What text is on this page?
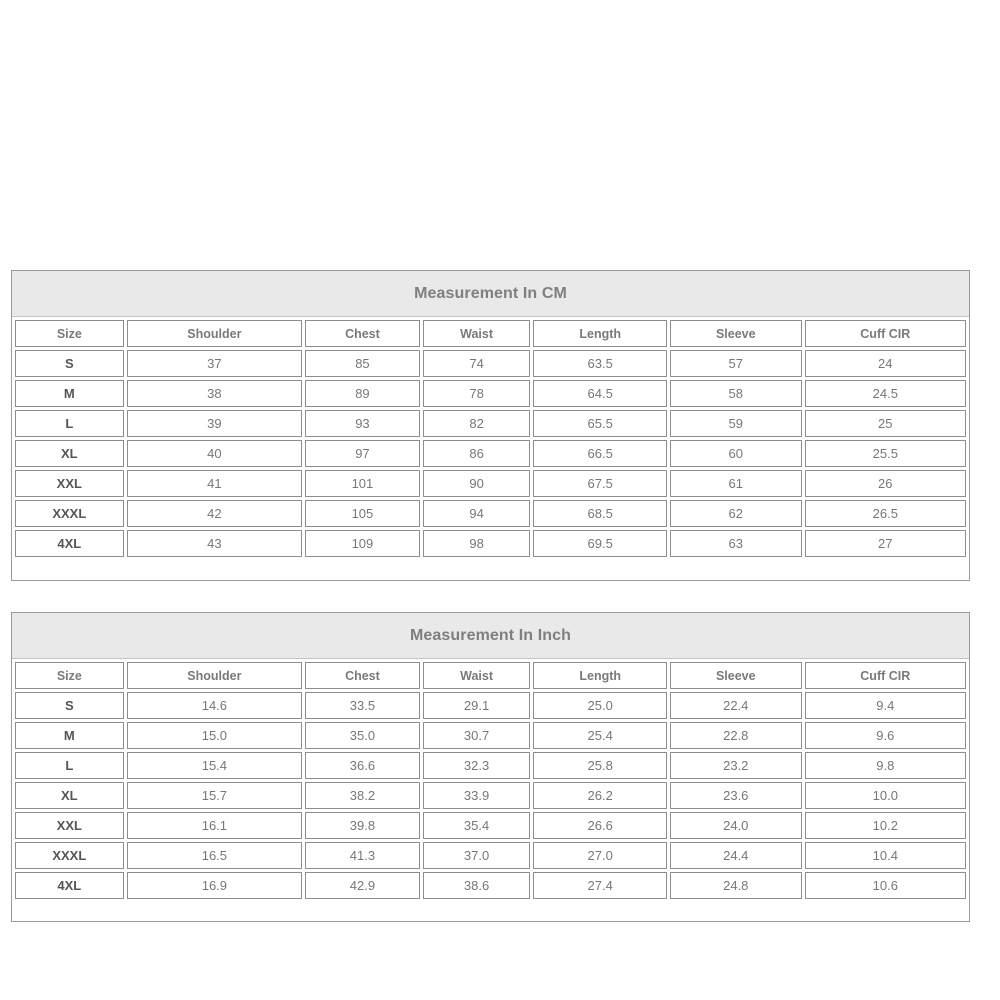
Measurement In CM
Size	Shoulder	Chest	Waist	Length	Sleeve	Cuff CIR
S	37	85	74	63.5	57	24
M	38	89	78	64.5	58	24.5
L	39	93	82	65.5	59	25
XL	40	97	86	66.5	60	25.5
XXL	41	101	90	67.5	61	26
XXXL	42	105	94	68.5	62	26.5
4XL	43	109	98	69.5	63	27
Measurement In Inch
Size	Shoulder	Chest	Waist	Length	Sleeve	Cuff CIR
S	14.6	33.5	29.1	25.0	22.4	9.4
M	15.0	35.0	30.7	25.4	22.8	9.6
L	15.4	36.6	32.3	25.8	23.2	9.8
XL	15.7	38.2	33.9	26.2	23.6	10.0
XXL	16.1	39.8	35.4	26.6	24.0	10.2
XXXL	16.5	41.3	37.0	27.0	24.4	10.4
4XL	16.9	42.9	38.6	27.4	24.8	10.6
